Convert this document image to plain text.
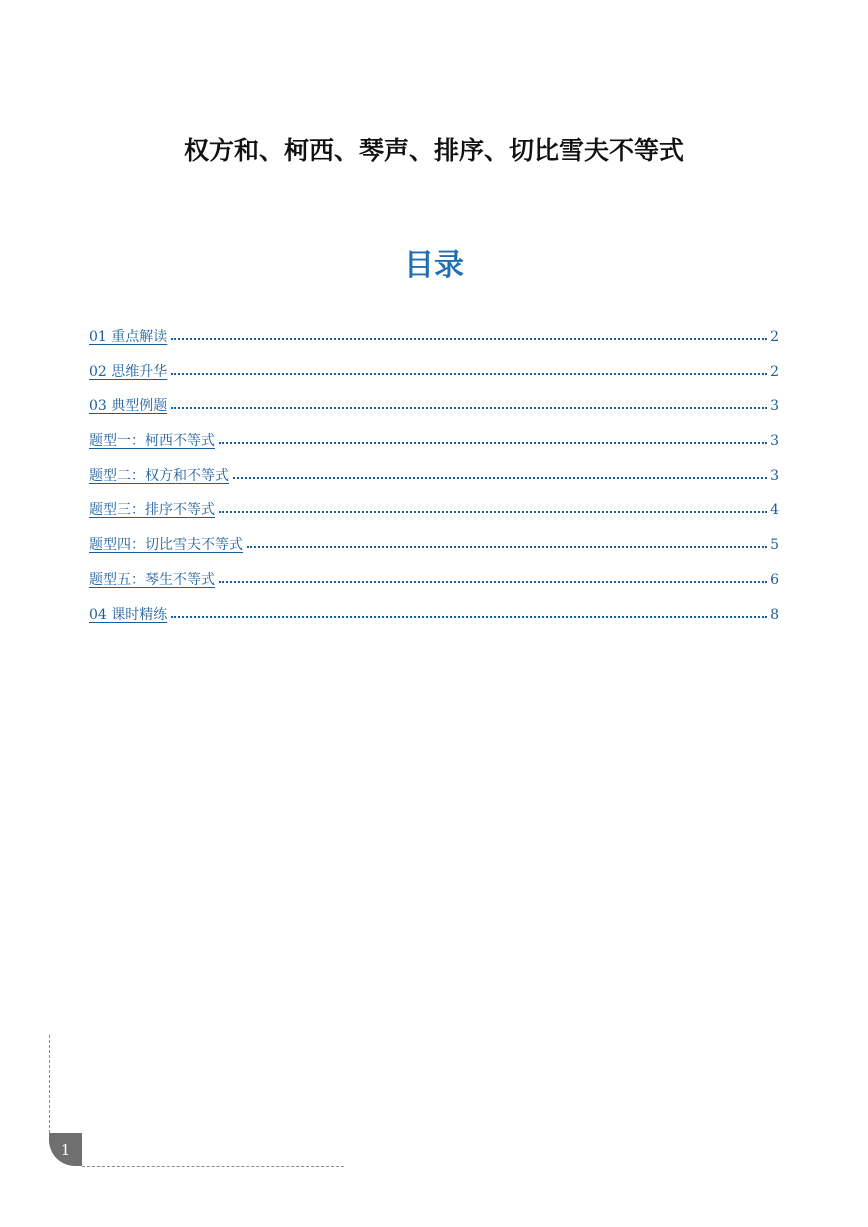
权方和、柯西、琴声、排序、切比雪夫不等式
目录
01 重点解读	2
02 思维升华	2
03 典型例题	3
题型一：柯西不等式	3
题型二：权方和不等式	3
题型三：排序不等式	4
题型四：切比雪夫不等式	5
题型五：琴生不等式	6
04 课时精练	8
1
